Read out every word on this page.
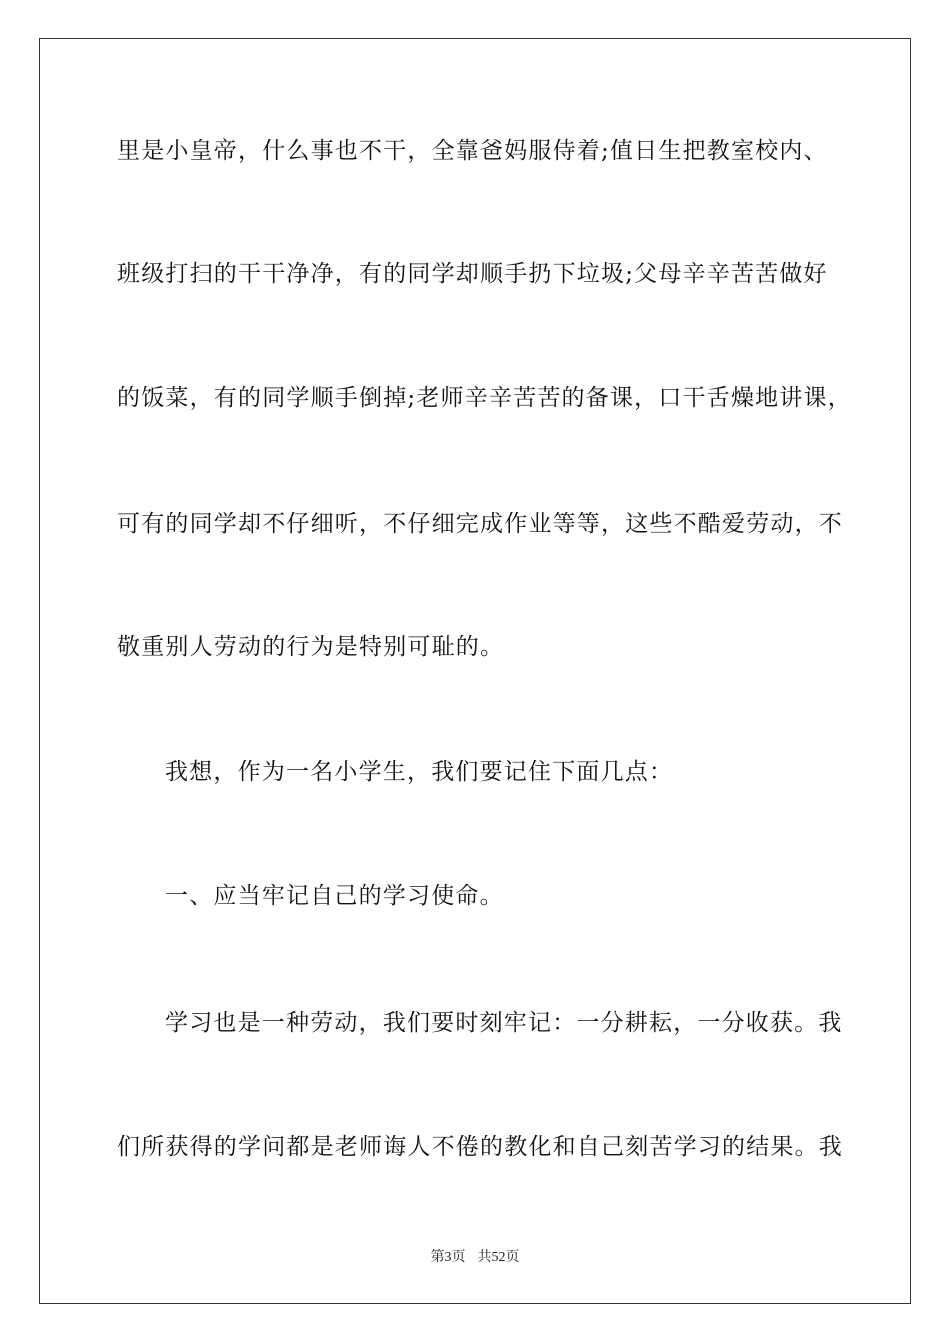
里是小皇帝，什么事也不干，全靠爸妈服侍着;值日生把教室校内、
班级打扫的干干净净，有的同学却顺手扔下垃圾;父母辛辛苦苦做好
的饭菜，有的同学顺手倒掉;老师辛辛苦苦的备课，口干舌燥地讲课，
可有的同学却不仔细听，不仔细完成作业等等，这些不酷爱劳动，不
敬重别人劳动的行为是特别可耻的。
我想，作为一名小学生，我们要记住下面几点：
一、应当牢记自己的学习使命。
学习也是一种劳动，我们要时刻牢记：一分耕耘，一分收获。我
们所获得的学问都是老师诲人不倦的教化和自己刻苦学习的结果。我
第3页 共52页
